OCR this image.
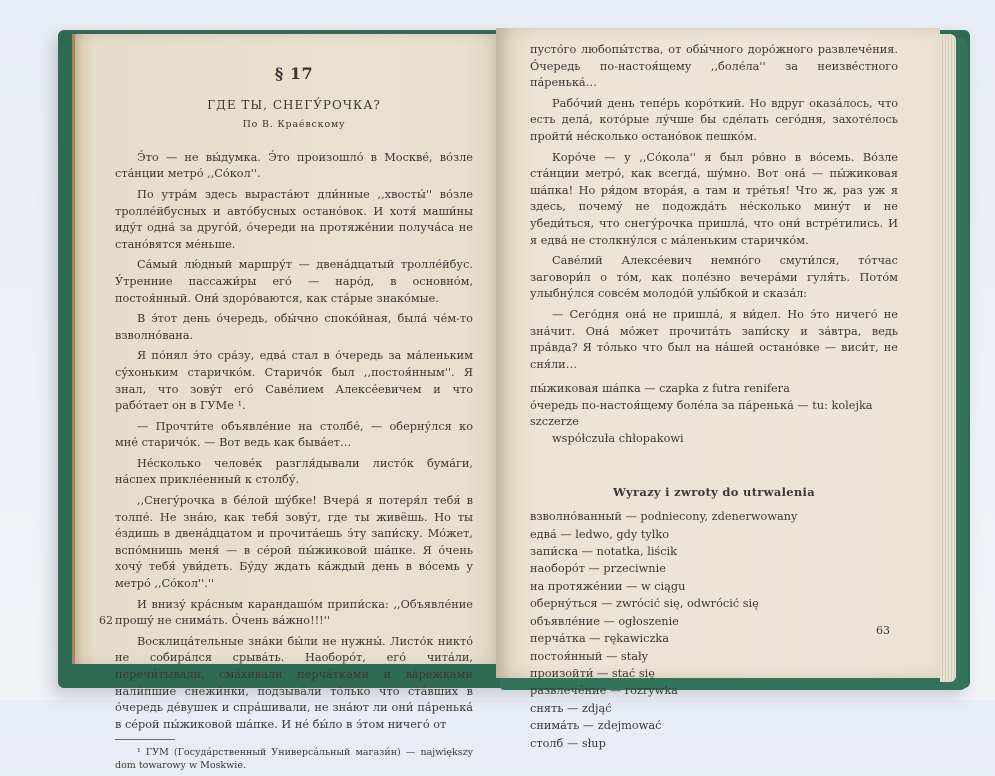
§ 17
ГДЕ ТЫ, СНЕГУ́РОЧКА?
По В. Крае́вскому

Э́то — не вы́думка. Э́то произошло́ в Москве́, во́зле ста́нции метро́ ,,Со́кол''.

По утра́м здесь выраста́ют дли́нные ,,хвосты́'' во́зле тролле́йбусных и авто́бусных остано́вок. И хотя́ маши́ны иду́т одна́ за друго́й, о́череди на протяже́нии получа́са не стано́вятся ме́ньше.

Са́мый лю́дный маршру́т — двена́дцатый тролле́йбус. У́тренние пассажи́ры его́ — наро́д, в основно́м, постоя́нный. Они́ здоро́ваются, как ста́рые знако́мые.

В э́тот день о́чередь, обы́чно споко́йная, была́ че́м-то взволно́вана.

Я по́нял э́то сра́зу, едва́ стал в о́чередь за ма́леньким су́хоньким старичко́м. Старичо́к был ,,постоя́нным''. Я знал, что зову́т его́ Саве́лием Алексе́евичем и что рабо́тает он в ГУМе ¹.

— Прочти́те объявле́ние на столбе́, — оберну́лся ко мне́ старичо́к. — Вот ведь как быва́ет…

Не́сколько челове́к разгля́дывали листо́к бума́ги, на́спех прикле́енный к столбу́.

,,Снегу́рочка в бе́лой шу́бке! Вчера́ я потеря́л тебя́ в толпе́. Не зна́ю, как тебя́ зову́т, где ты живёшь. Но ты е́здишь в двена́дцатом и прочита́ешь э́ту запи́ску. Мо́жет, вспо́мнишь меня́ — в се́рой пы́жиковой ша́пке. Я о́чень хочу́ тебя́ уви́деть. Бу́ду ждать ка́ждый день в во́семь у метро́ ,,Со́кол''.''

И внизу́ кра́сным карандашо́м припи́ска: ,,Объявле́ние прошу́ не снима́ть. О́чень ва́жно!!!''

Восклица́тельные зна́ки бы́ли не нужны́. Листо́к никто́ не собира́лся срыва́ть. Наоборо́т, его́ чита́ли, перечи́тывали, сма́хивали перча́тками и ва́режками нали́пшие снежи́нки, подзыва́ли то́лько что ста́вших в о́чередь де́вушек и спра́шивали, не зна́ют ли они́ па́ренька́ в се́рой пы́жиковой ша́пке. И не́ бы́ло в э́том ничего́ от

¹ ГУМ (Госуда́рственный Универса́льный магази́н) — największy dom towarowy w Moskwie.

62

пусто́го любопы́тства, от обы́чного доро́жного развлече́ния. О́чередь по-настоя́щему ,,боле́ла'' за неизве́стного па́ренька́…

Рабо́чий день тепе́рь коро́ткий. Но вдруг оказа́лось, что есть дела́, кото́рые лу́чше бы сде́лать сего́дня, захоте́лось пройти́ не́сколько остано́вок пешко́м.

Коро́че — у ,,Со́кола'' я был ро́вно в во́семь. Во́зле ста́нции метро́, как всегда́, шу́мно. Вот она́ — пы́жиковая ша́пка! Но ря́дом втора́я, а там и тре́тья! Что ж, раз уж я здесь, почему́ не подожда́ть не́сколько мину́т и не убеди́ться, что снегу́рочка пришла́, что они́ встре́тились. И я едва́ не столкну́лся с ма́леньким старичко́м.

Саве́лий Алексе́евич немно́го смути́лся, то́тчас заговори́л о то́м, как поле́зно вечера́ми гуля́ть. Пото́м улыбну́лся совсе́м молодо́й улы́бкой и сказа́л:

— Сего́дня она́ не пришла́, я ви́дел. Но э́то ничего́ не зна́чит. Она́ мо́жет прочита́ть запи́ску и за́втра, ведь пра́вда? Я то́лько что был на на́шей остано́вке — виси́т, не сня́ли…

пы́жиковая ша́пка — czapka z futra renifera
о́чередь по-настоя́щему боле́ла за па́ренька́ — tu: kolejka szczerze
współczuła chłopakowi
Wyrazy i zwroty do utrwalenia
взволно́ванный — podniecony, zdenerwowany
едва́ — ledwo, gdy tylko
запи́ска — notatka, liścik
наоборо́т — przeciwnie
на протяже́нии — w ciągu
оберну́ться — zwrócić się, odwrócić się
объявле́ние — ogłoszenie
перча́тка — rękawiczka
постоя́нный — stały
произойти́ — stać się
развлече́ние — rozrywka
снять — zdjąć
снима́ть — zdejmować
столб — słup
63
